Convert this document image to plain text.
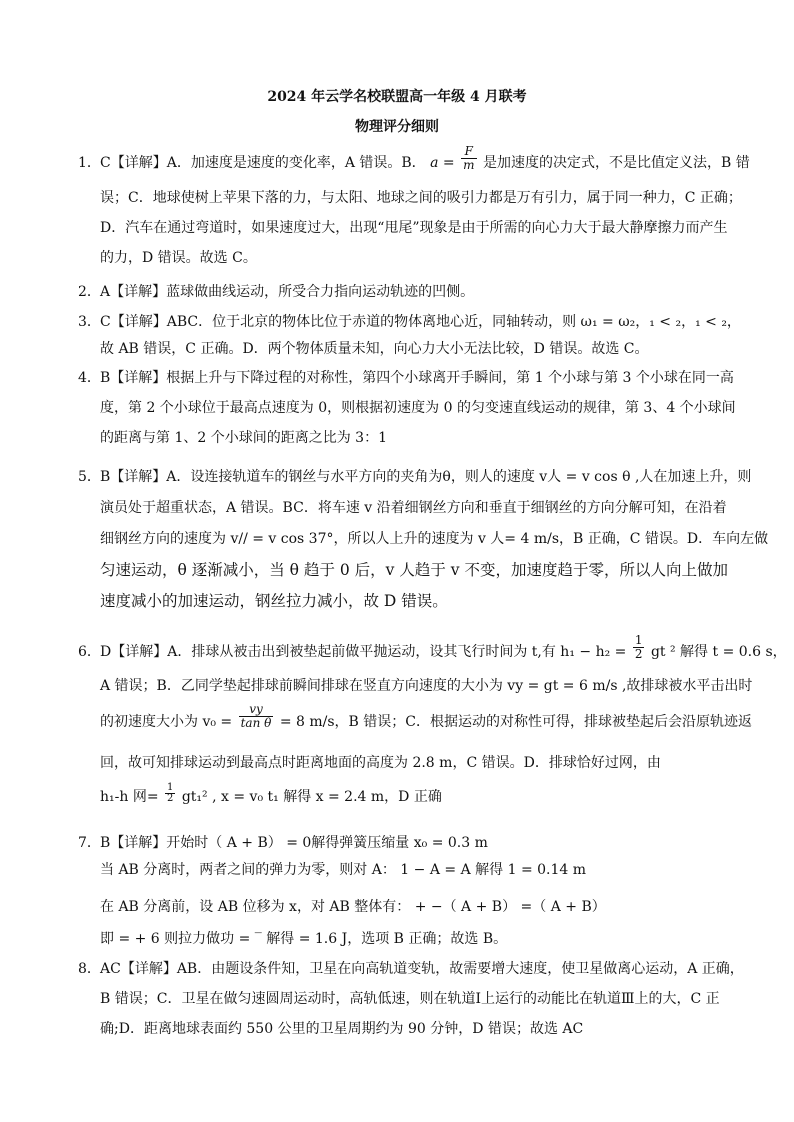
2024 年云学名校联盟高一年级 4 月联考
物理评分细则
1． C【详解】A．加速度是速度的变化率，A 错误。B． $a = \frac{F}{m}$ 是加速度的决定式，不是比值定义法，B 错
误；C．地球使树上苹果下落的力，与太阳、地球之间的吸引力都是万有引力，属于同一种力，C 正确；
D．汽车在通过弯道时，如果速度过大，出现“甩尾”现象是由于所需的向心力大于最大静摩擦力而产生
的力，D 错误。故选 C。
2． A【详解】蓝球做曲线运动，所受合力指向运动轨迹的凹侧。
3． C【详解】ABC．位于北京的物体比位于赤道的物体离地心近，同轴转动，则 ω₁ = ω₂，₁ < ₂，₁ < ₂，
故 AB 错误，C 正确。D．两个物体质量未知，向心力大小无法比较，D 错误。故选 C。
4． B【详解】根据上升与下降过程的对称性，第四个小球离开手瞬间，第 1 个小球与第 3 个小球在同一高
度，第 2 个小球位于最高点速度为 0，则根据初速度为 0 的匀变速直线运动的规律，第 3、4 个小球间
的距离与第 1、2 个小球间的距离之比为 3：1
5． B【详解】A．设连接轨道车的钢丝与水平方向的夹角为θ，则人的速度 v人 = v cos θ ,人在加速上升，则
演员处于超重状态，A 错误。BC．将车速 v 沿着细钢丝方向和垂直于细钢丝的方向分解可知，在沿着
细钢丝方向的速度为 v// = v cos 37°，所以人上升的速度为 v 人= 4 m/s，B 正确，C 错误。D．车向左做
匀速运动，θ 逐渐减小，当 θ 趋于 0 后，v 人趋于 v 不变，加速度趋于零，所以人向上做加
速度减小的加速运动，钢丝拉力减小，故 D 错误。
6． D【详解】A．排球从被击出到被垫起前做平抛运动，设其飞行时间为 t,有 $h_1 - h_2 = \frac{1}{2}$ gt ² 解得 t = 0.6 s，
A 错误；B．乙同学垫起排球前瞬间排球在竖直方向速度的大小为 vy = gt = 6 m/s ,故排球被水平击出时
的初速度大小为 $v_0 = \frac{vy}{\text{tan θ}} = 8$ m/s，B 错误；C．根据运动的对称性可得，排球被垫起后会沿原轨迹返
回，故可知排球运动到最高点时距离地面的高度为 2.8 m，C 错误。D．排球恰好过网，由
h₁-h 网= $\frac{1}{2} gt_1^2$ , x = v₀ t₁ 解得 x = 2.4 m，D 正确
7． B【详解】开始时（ A + B） = 0解得弹簧压缩量 x₀ = 0.3 m
当 AB 分离时，两者之间的弹力为零，则对 A： 1 − A = A 解得 1 = 0.14 m
在 AB 分离前，设 AB 位移为 x，对 AB 整体有： + −（ A + B） =（ A + B）
即 = + 6 则拉力做功 = ‾ 解得 = 1.6 J，选项 B 正确；故选 B。
8． AC【详解】AB．由题设条件知，卫星在向高轨道变轨，故需要增大速度，使卫星做离心运动，A 正确，
B 错误；C．卫星在做匀速圆周运动时，高轨低速，则在轨道Ⅰ上运行的动能比在轨道Ⅲ上的大，C 正
确;D．距离地球表面约 550 公里的卫星周期约为 90 分钟，D 错误；故选 AC
